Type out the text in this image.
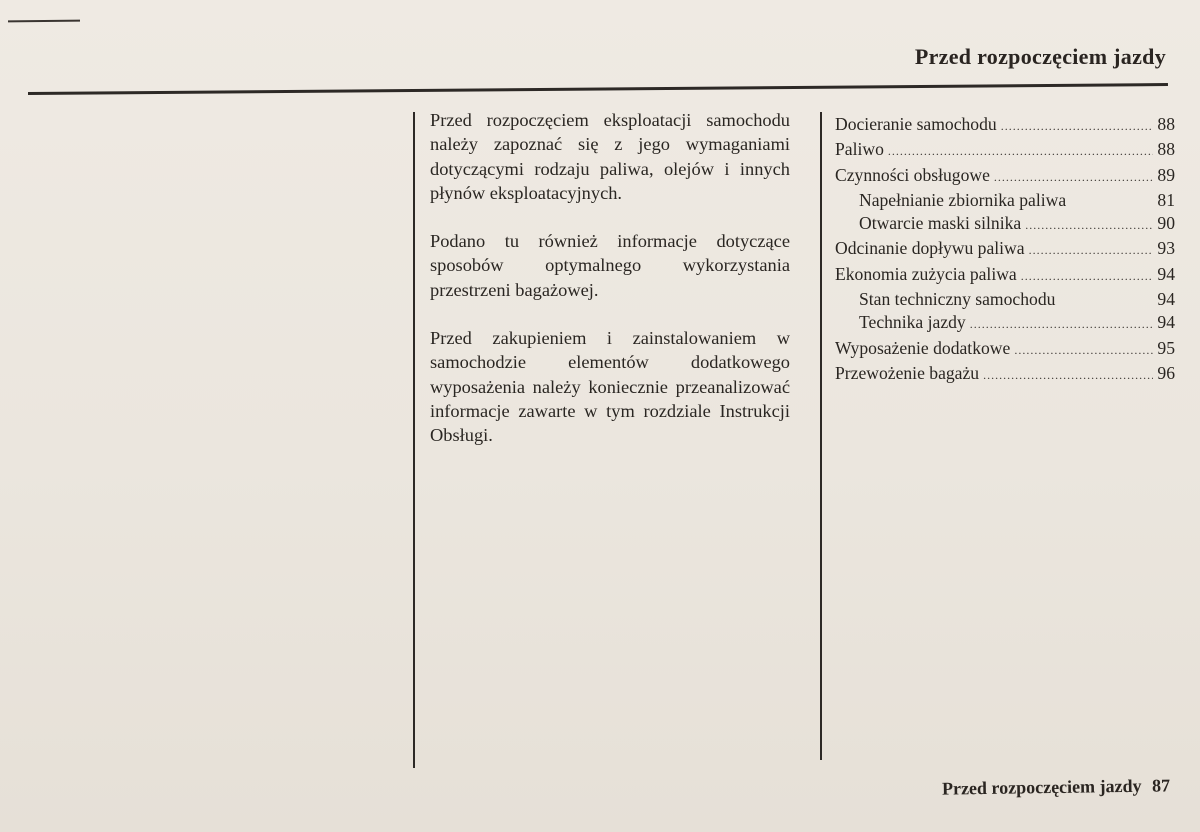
Przed rozpoczęciem jazdy

Przed rozpoczęciem eksploatacji samochodu należy zapoznać się z jego wymaganiami dotyczącymi rodzaju paliwa, olejów i innych płynów eksploatacyjnych.

Podano tu również informacje dotyczące sposobów optymalnego wykorzystania przestrzeni bagażowej.

Przed zakupieniem i zainstalowaniem w samochodzie elementów dodatkowego wyposażenia należy koniecznie przeanalizować informacje zawarte w tym rozdziale Instrukcji Obsługi.

Docieranie samochodu .....	88
Paliwo .....	88
Czynności obsługowe .....	89
Napełnianie zbiornika paliwa	81
Otwarcie maski silnika .....	90
Odcinanie dopływu paliwa .....	93
Ekonomia zużycia paliwa .....	94
Stan techniczny samochodu	94
Technika jazdy .....	94
Wyposażenie dodatkowe .....	95
Przewożenie bagażu .....	96
Przed rozpoczęciem jazdy 87
